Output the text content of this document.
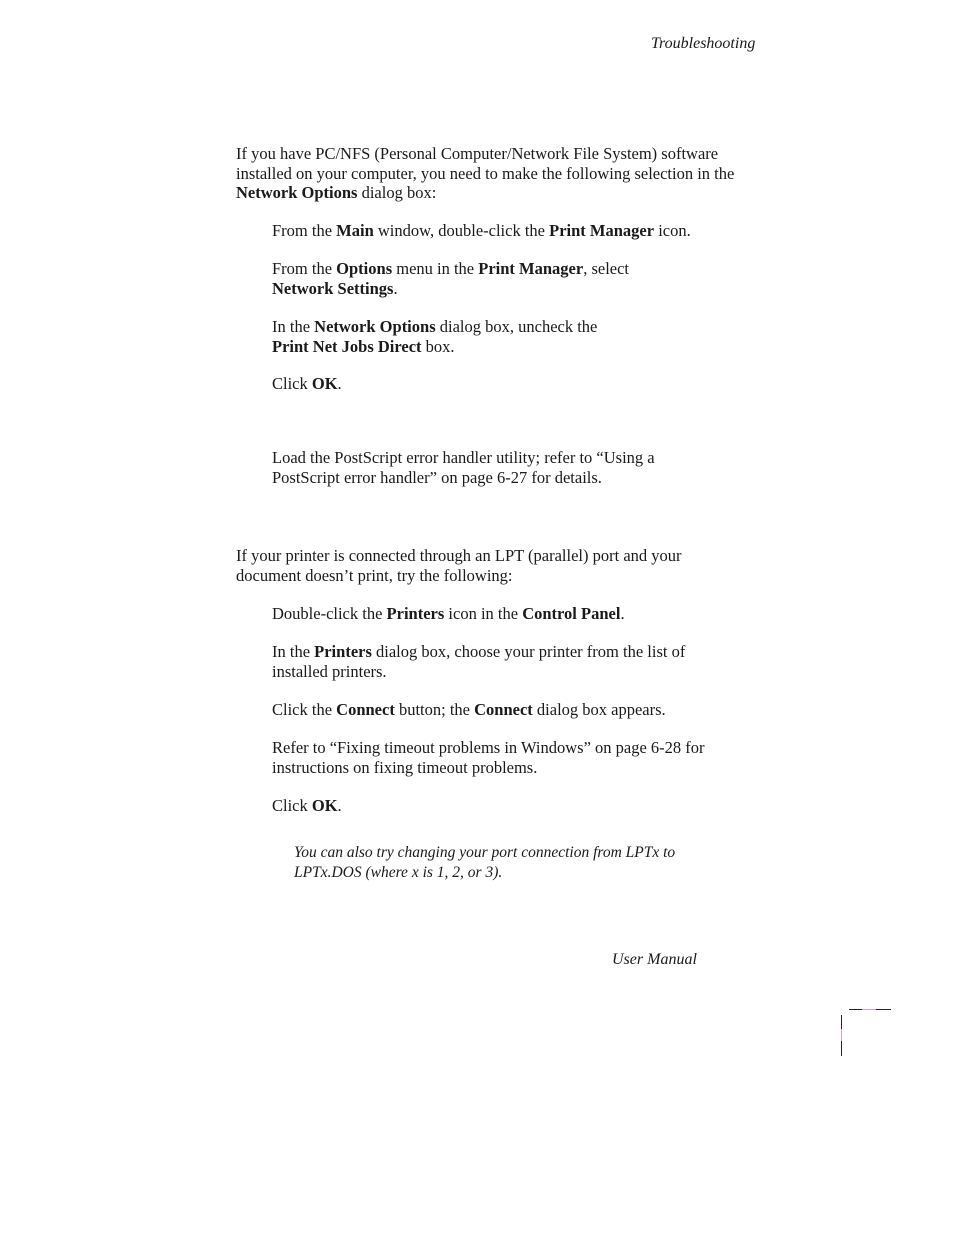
Troubleshooting

If you have PC/NFS (Personal Computer/Network File System) software
installed on your computer, you need to make the following selection in the
Network Options dialog box:

From the Main window, double-click the Print Manager icon.

From the Options menu in the Print Manager, select
Network Settings.

In the Network Options dialog box, uncheck the
Print Net Jobs Direct box.

Click OK.

Load the PostScript error handler utility; refer to “Using a
PostScript error handler” on page 6-27 for details.

If your printer is connected through an LPT (parallel) port and your
document doesn’t print, try the following:

Double-click the Printers icon in the Control Panel.

In the Printers dialog box, choose your printer from the list of
installed printers.

Click the Connect button; the Connect dialog box appears.

Refer to “Fixing timeout problems in Windows” on page 6-28 for
instructions on fixing timeout problems.

Click OK.

You can also try changing your port connection from LPTx to
LPTx.DOS (where x is 1, 2, or 3).

User Manual
